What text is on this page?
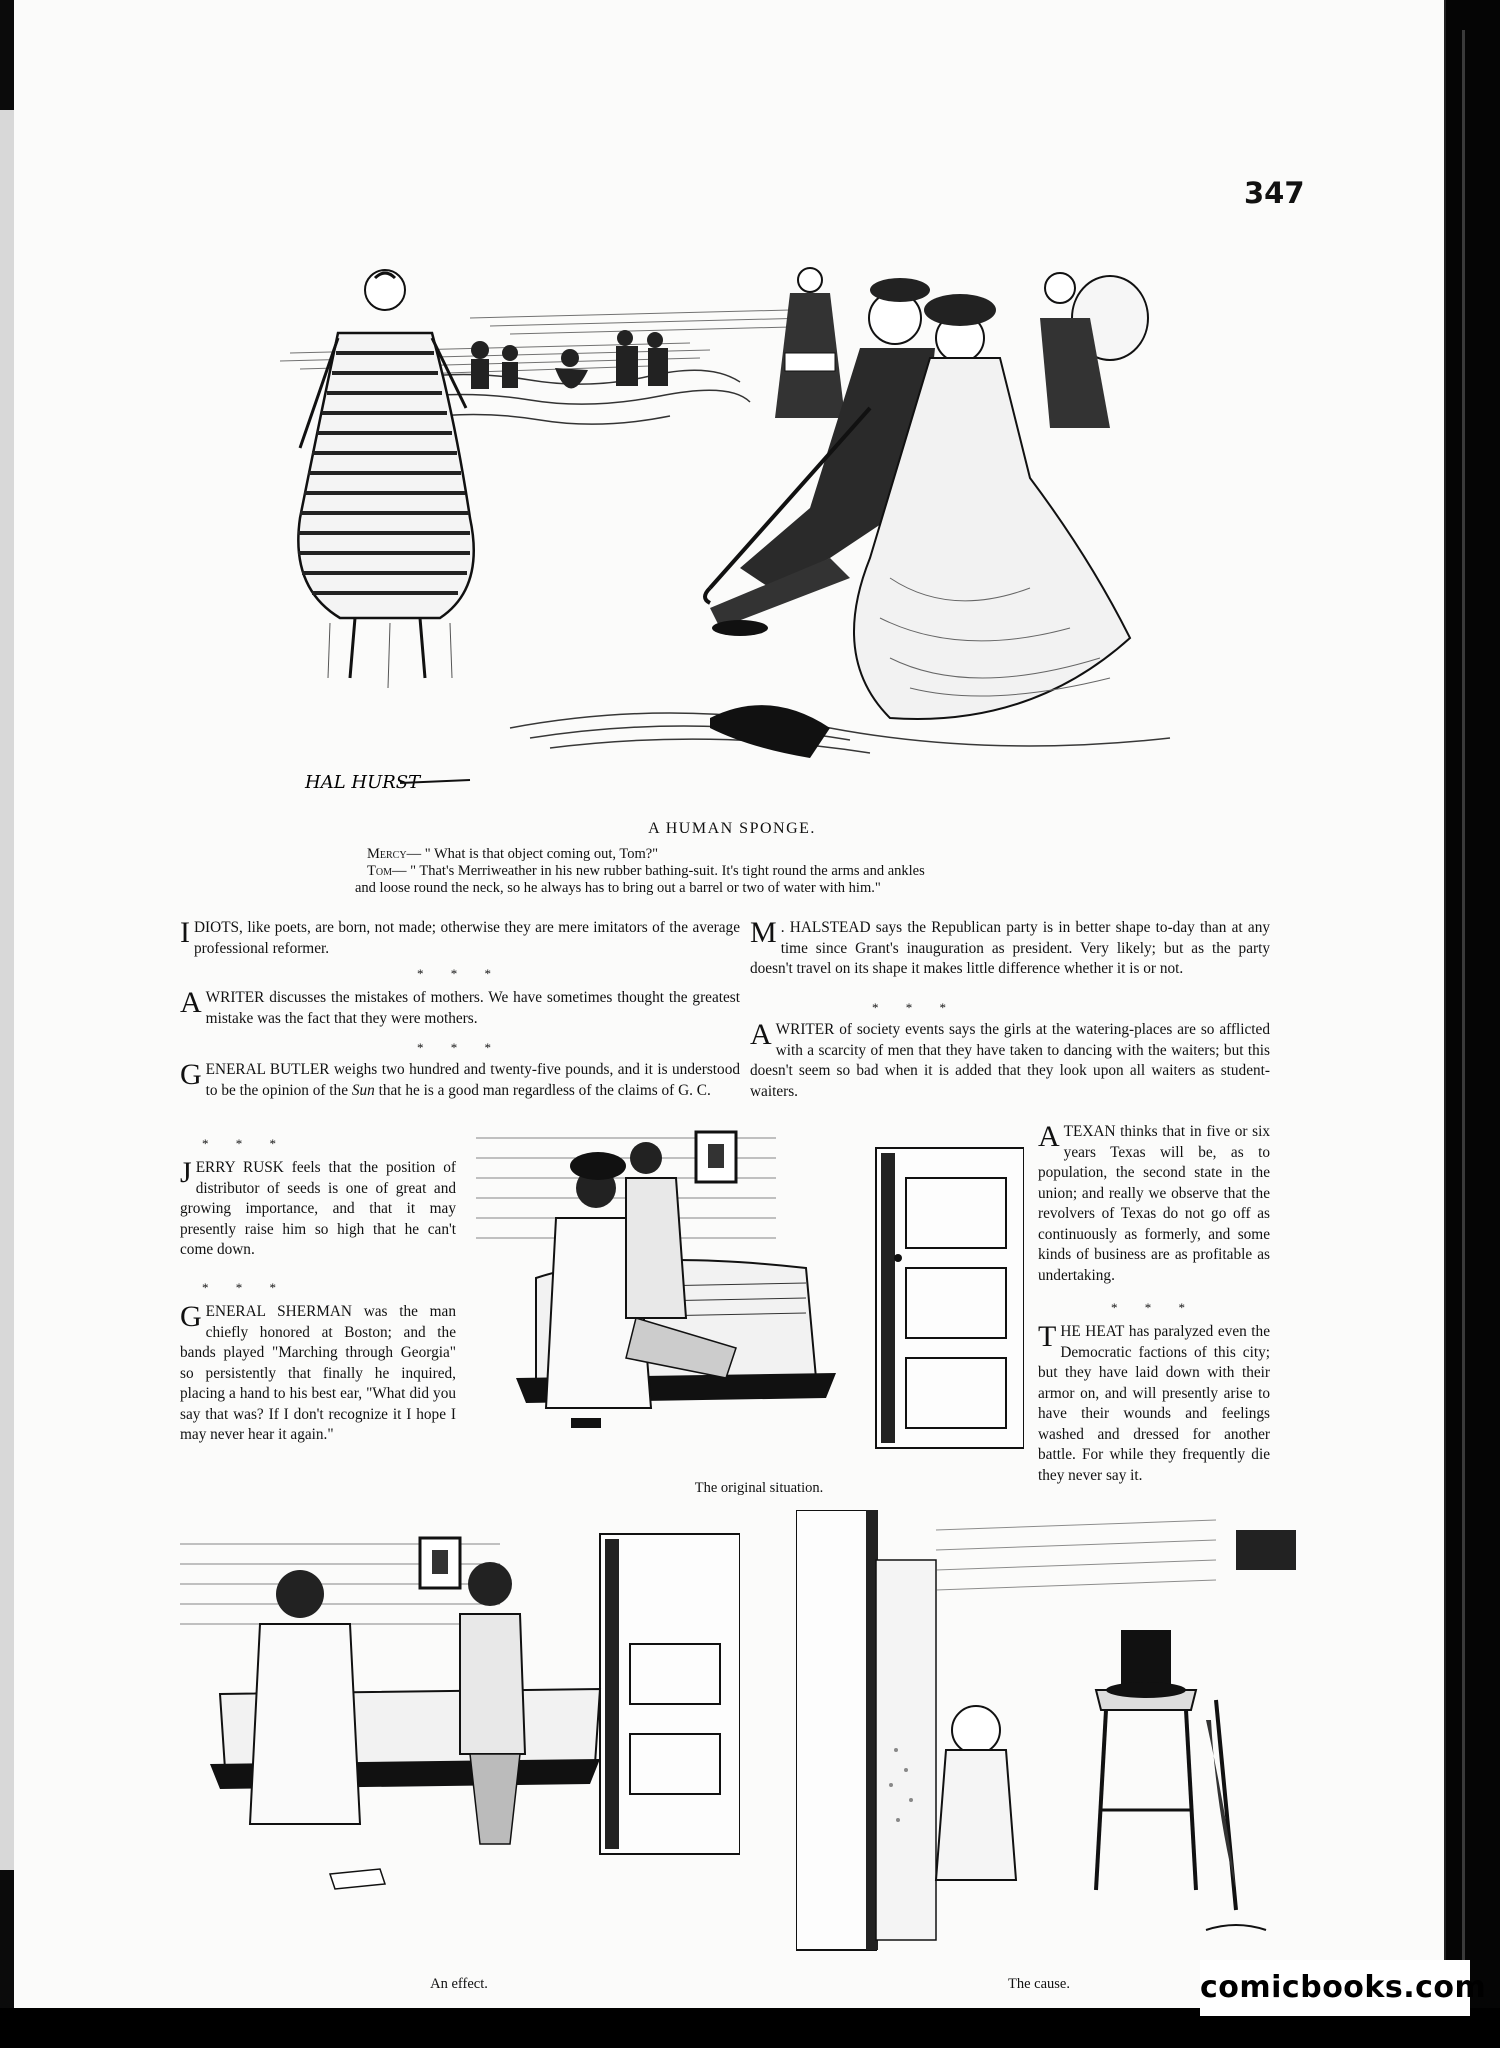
347
HAL HURST
A HUMAN SPONGE.

Mercy— " What is that object coming out, Tom?"

Tom— " That's Merriweather in his new rubber bathing-suit. It's tight round the arms and ankles

and loose round the neck, so he always has to bring out a barrel or two of water with him."

IDIOTS, like poets, are born, not made; otherwise they are mere imitators of the average professional reformer.
* * *
AWRITER discusses the mistakes of mothers. We have sometimes thought the greatest mistake was the fact that they were mothers.
* * *
GENERAL BUTLER weighs two hundred and twenty-five pounds, and it is understood to be the opinion of the Sun that he is a good man regardless of the claims of G. C.
* * *
JERRY RUSK feels that the position of distributor of seeds is one of great and growing importance, and that it may presently raise him so high that he can't come down.
* * *
GENERAL SHERMAN was the man chiefly honored at Boston; and the bands played "Marching through Georgia" so persistently that finally he inquired, placing a hand to his best ear, "What did you say that was? If I don't recognize it I hope I may never hear it again."
M . HALSTEAD says the Republican party is in better shape to-day than at any time since Grant's inauguration as president. Very likely; but as the party doesn't travel on its shape it makes little difference whether it is or not.
* * *
AWRITER of society events says the girls at the watering-places are so afflicted with a scarcity of men that they have taken to dancing with the waiters; but this doesn't seem so bad when it is added that they look upon all waiters as student-waiters.
ATEXAN thinks that in five or six years Texas will be, as to population, the second state in the union; and really we observe that the revolvers of Texas do not go off as continuously as formerly, and some kinds of business are as profitable as undertaking.
* * *
THE HEAT has paralyzed even the Democratic factions of this city; but they have laid down with their armor on, and will presently arise to have their wounds and feelings washed and dressed for another battle. For while they frequently die they never say it.
The original situation.
An effect.	The cause.	comicbooks.com
